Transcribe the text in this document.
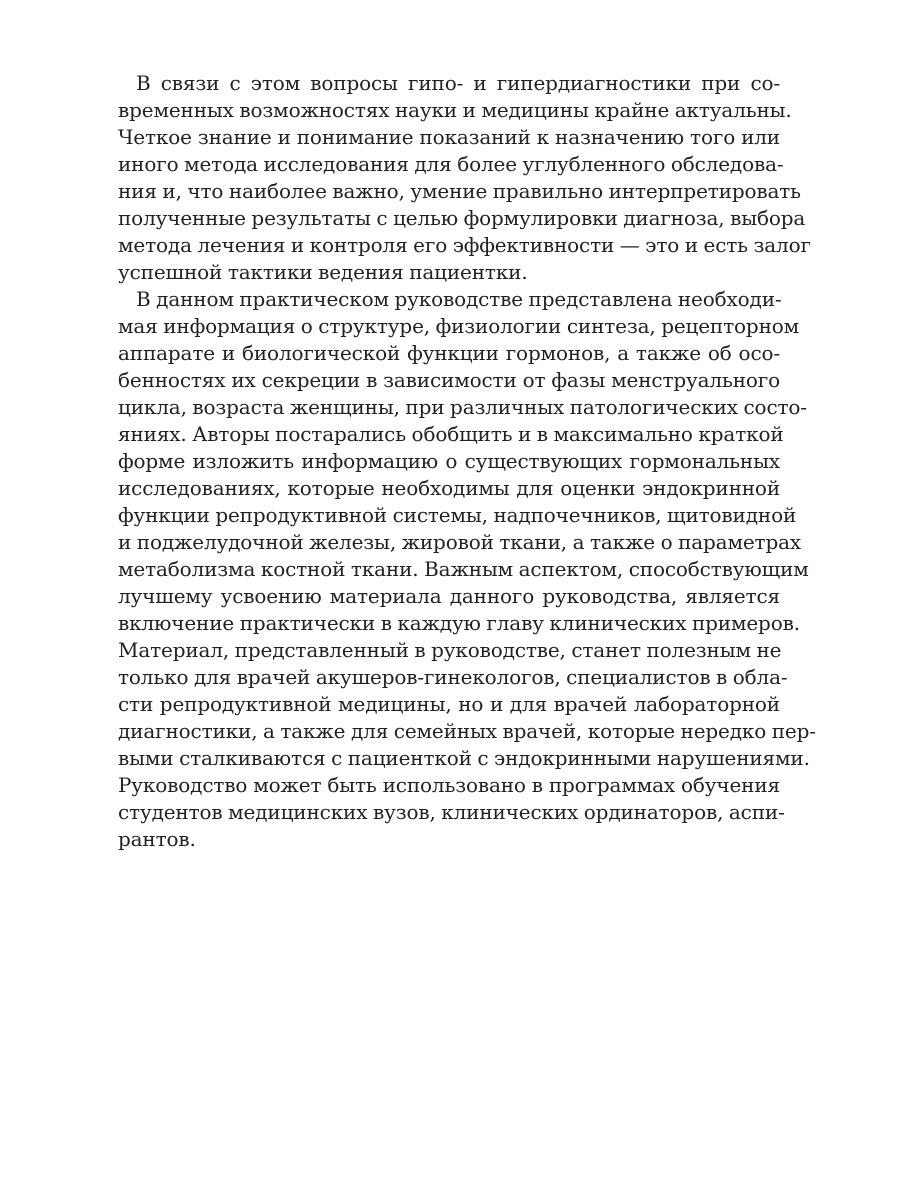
В связи с этом вопросы гипо- и гипердиагностики при со-
временных возможностях науки и медицины крайне актуальны.
Четкое знание и понимание показаний к назначению того или
иного метода исследования для более углубленного обследова-
ния и, что наиболее важно, умение правильно интерпретировать
полученные результаты с целью формулировки диагноза, выбора
метода лечения и контроля его эффективности — это и есть залог
успешной тактики ведения пациентки.

В данном практическом руководстве представлена необходи-
мая информация о структуре, физиологии синтеза, рецепторном
аппарате и биологической функции гормонов, а также об осо-
бенностях их секреции в зависимости от фазы менструального
цикла, возраста женщины, при различных патологических состо-
яниях. Авторы постарались обобщить и в максимально краткой
форме изложить информацию о существующих гормональных
исследованиях, которые необходимы для оценки эндокринной
функции репродуктивной системы, надпочечников, щитовидной
и поджелудочной железы, жировой ткани, а также о параметрах
метаболизма костной ткани. Важным аспектом, способствующим
лучшему усвоению материала данного руководства, является
включение практически в каждую главу клинических примеров.
Материал, представленный в руководстве, станет полезным не
только для врачей акушеров-гинекологов, специалистов в обла-
сти репродуктивной медицины, но и для врачей лабораторной
диагностики, а также для семейных врачей, которые нередко пер-
выми сталкиваются с пациенткой с эндокринными нарушениями.
Руководство может быть использовано в программах обучения
студентов медицинских вузов, клинических ординаторов, аспи-
рантов.
